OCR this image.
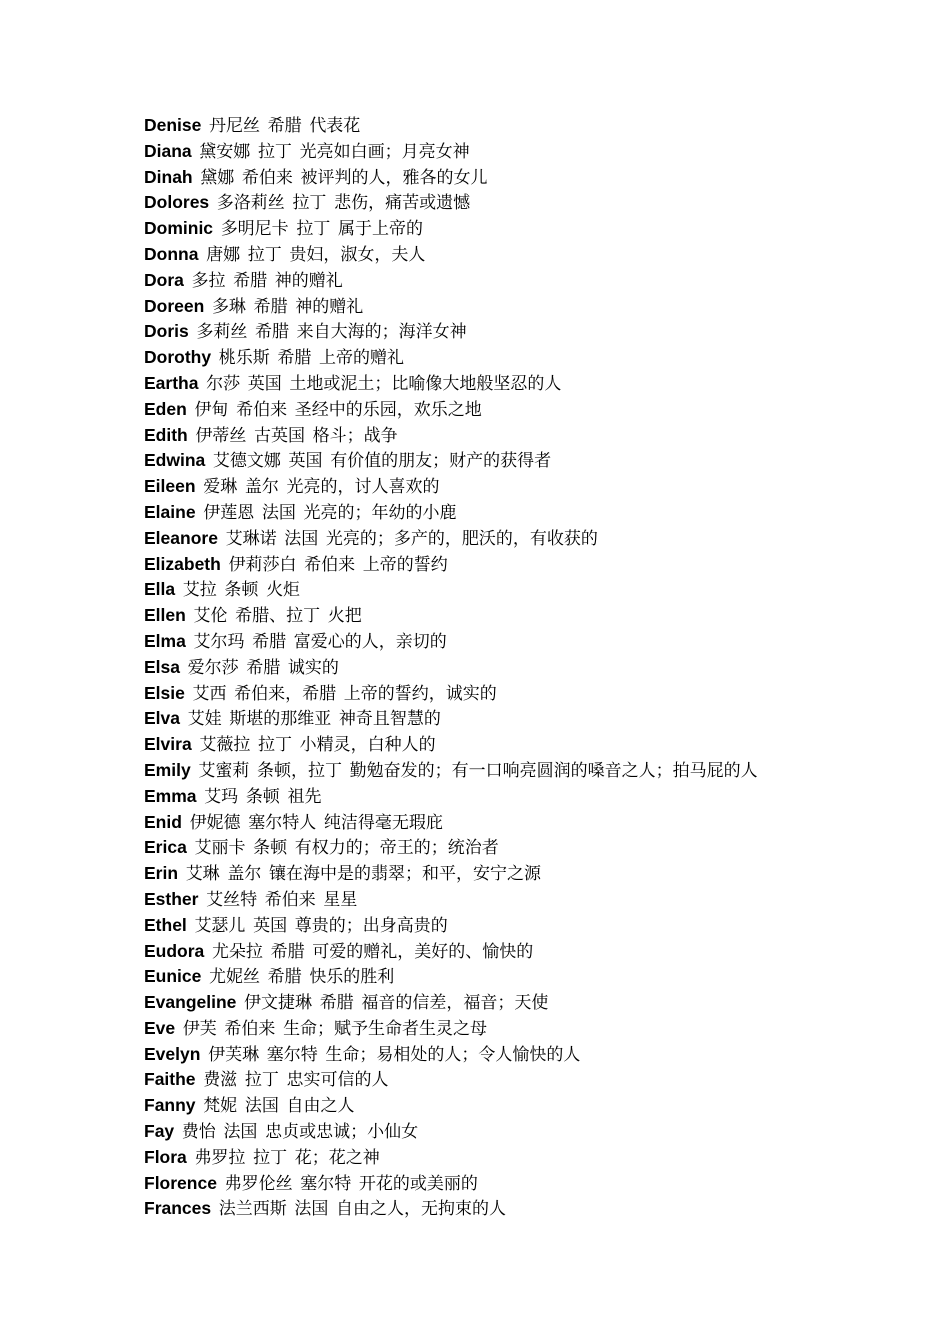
Denise 丹尼丝 希腊 代表花
Diana 黛安娜 拉丁 光亮如白画；月亮女神
Dinah 黛娜 希伯来 被评判的人，雅各的女儿
Dolores 多洛莉丝 拉丁 悲伤，痛苦或遗憾
Dominic 多明尼卡 拉丁 属于上帝的
Donna 唐娜 拉丁 贵妇，淑女，夫人
Dora 多拉 希腊 神的赠礼
Doreen 多琳 希腊 神的赠礼
Doris 多莉丝 希腊 来自大海的；海洋女神
Dorothy 桃乐斯 希腊 上帝的赠礼
Eartha 尔莎 英国 土地或泥土；比喻像大地般坚忍的人
Eden 伊甸 希伯来 圣经中的乐园，欢乐之地
Edith 伊蒂丝 古英国 格斗；战争
Edwina 艾德文娜 英国 有价值的朋友；财产的获得者
Eileen 爱琳 盖尔 光亮的，讨人喜欢的
Elaine 伊莲恩 法国 光亮的；年幼的小鹿
Eleanore 艾琳诺 法国 光亮的；多产的，肥沃的，有收获的
Elizabeth 伊莉莎白 希伯来 上帝的誓约
Ella 艾拉 条顿 火炬
Ellen 艾伦 希腊、拉丁 火把
Elma 艾尔玛 希腊 富爱心的人，亲切的
Elsa 爱尔莎 希腊 诚实的
Elsie 艾西 希伯来，希腊 上帝的誓约，诚实的
Elva 艾娃 斯堪的那维亚 神奇且智慧的
Elvira 艾薇拉 拉丁 小精灵，白种人的
Emily 艾蜜莉 条顿，拉丁 勤勉奋发的；有一口响亮圆润的嗓音之人；拍马屁的人
Emma 艾玛 条顿 祖先
Enid 伊妮德 塞尔特人 纯洁得毫无瑕庇
Erica 艾丽卡 条顿 有权力的；帝王的；统治者
Erin 艾琳 盖尔 镶在海中是的翡翠；和平，安宁之源
Esther 艾丝特 希伯来 星星
Ethel 艾瑟儿 英国 尊贵的；出身高贵的
Eudora 尤朵拉 希腊 可爱的赠礼，美好的、愉快的
Eunice 尤妮丝 希腊 快乐的胜利
Evangeline 伊文捷琳 希腊 福音的信差，福音；天使
Eve 伊芙 希伯来 生命；赋予生命者生灵之母
Evelyn 伊芙琳 塞尔特 生命；易相处的人；令人愉快的人
Faithe 费滋 拉丁 忠实可信的人
Fanny 梵妮 法国 自由之人
Fay 费怡 法国 忠贞或忠诚；小仙女
Flora 弗罗拉 拉丁 花；花之神
Florence 弗罗伦丝 塞尔特 开花的或美丽的
Frances 法兰西斯 法国 自由之人，无拘束的人
